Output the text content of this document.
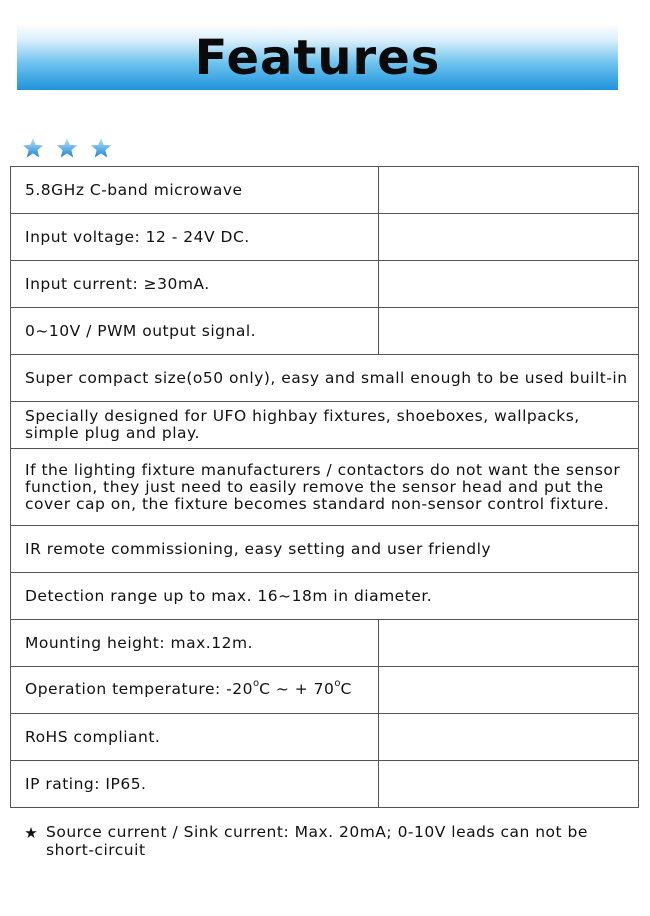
Features
5.8GHz C-band microwave	
Input voltage: 12 - 24V DC.	
Input current: ≥30mA.	
0~10V / PWM output signal.	
Super compact size(o50 only), easy and small enough to be used built-in	
Specially designed for UFO highbay fixtures, shoeboxes, wallpacks, simple plug and play.	
If the lighting fixture manufacturers / contactors do not want the sensor function, they just need to easily remove the sensor head and put the cover cap on, the fixture becomes standard non-sensor control fixture.	
IR remote commissioning, easy setting and user friendly	
Detection range up to max. 16~18m in diameter.	
Mounting height: max.12m.	
Operation temperature: -20$^o$C ~ + $70^oC$	
RoHS compliant.	
IP rating: IP65.	
Source current / Sink current: Max. 20mA; 0-10V leads can not be short-circuit
